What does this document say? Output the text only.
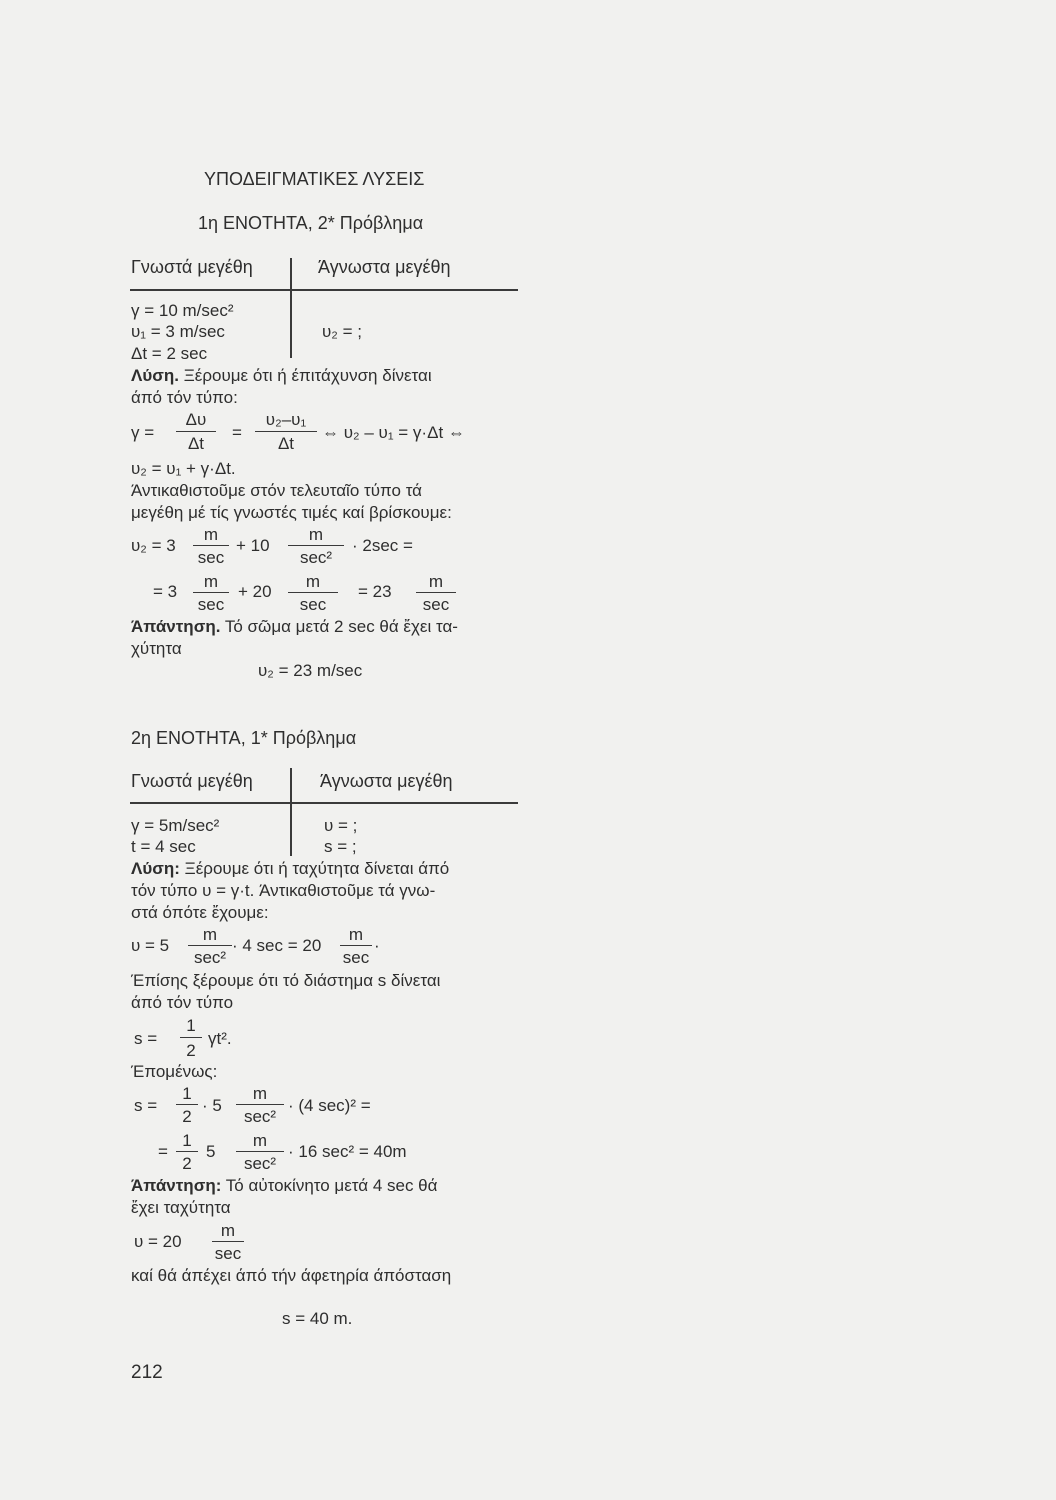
ΥΠΟΔΕΙΓΜΑΤΙΚΕΣ ΛΥΣΕΙΣ
1η ΕΝΟΤΗΤΑ, 2* Πρόβλημα
Γνωστά μεγέθη	Άγνωστα μεγέθη
γ = 10 m/sec²
υ₁ = 3 m/sec
Δt = 2 sec
υ₂ = ;
Λύση. Ξέρουμε ότι ή έπιτάχυνση δίνεται
άπό τόν τύπο:
γ =
Δυ
Δt
=
υ₂–υ₁
Δt
⇔ υ₂ – υ₁ = γ·Δt ⇔
υ₂ = υ₁ + γ·Δt.
Άντικαθιστοῦμε στόν τελευταῖο τύπο τά
μεγέθη μέ τίς γνωστές τιμές καί βρίσκουμε:
υ₂ = 3
m
sec
+ 10
m
sec²
· 2sec =
= 3
m
sec
+ 20
m
sec
= 23
m
sec
Άπάντηση. Τό σῶμα μετά 2 sec θά ἔχει τα-
χύτητα
υ₂ = 23 m/sec
2η ΕΝΟΤΗΤΑ, 1* Πρόβλημα
Γνωστά μεγέθη	Άγνωστα μεγέθη
γ = 5m/sec²
t = 4 sec
υ = ;
s = ;
Λύση: Ξέρουμε ότι ή ταχύτητα δίνεται άπό
τόν τύπο υ = γ·t. Άντικαθιστοῦμε τά γνω-
στά όπότε ἔχουμε:
υ = 5
m
sec²
· 4 sec = 20
m
sec
·
Έπίσης ξέρουμε ότι τό διάστημα s δίνεται
άπό τόν τύπο
s =
1
2
γt².
Έπομένως:
s =
1
2
· 5
m
sec²
· (4 sec)² =
=
1
2
5
m
sec²
· 16 sec² = 40m
Άπάντηση: Τό αὐτοκίνητο μετά 4 sec θά
ἔχει ταχύτητα
υ = 20
m
sec
καί θά άπέχει άπό τήν άφετηρία άπόσταση
s = 40 m.
212
